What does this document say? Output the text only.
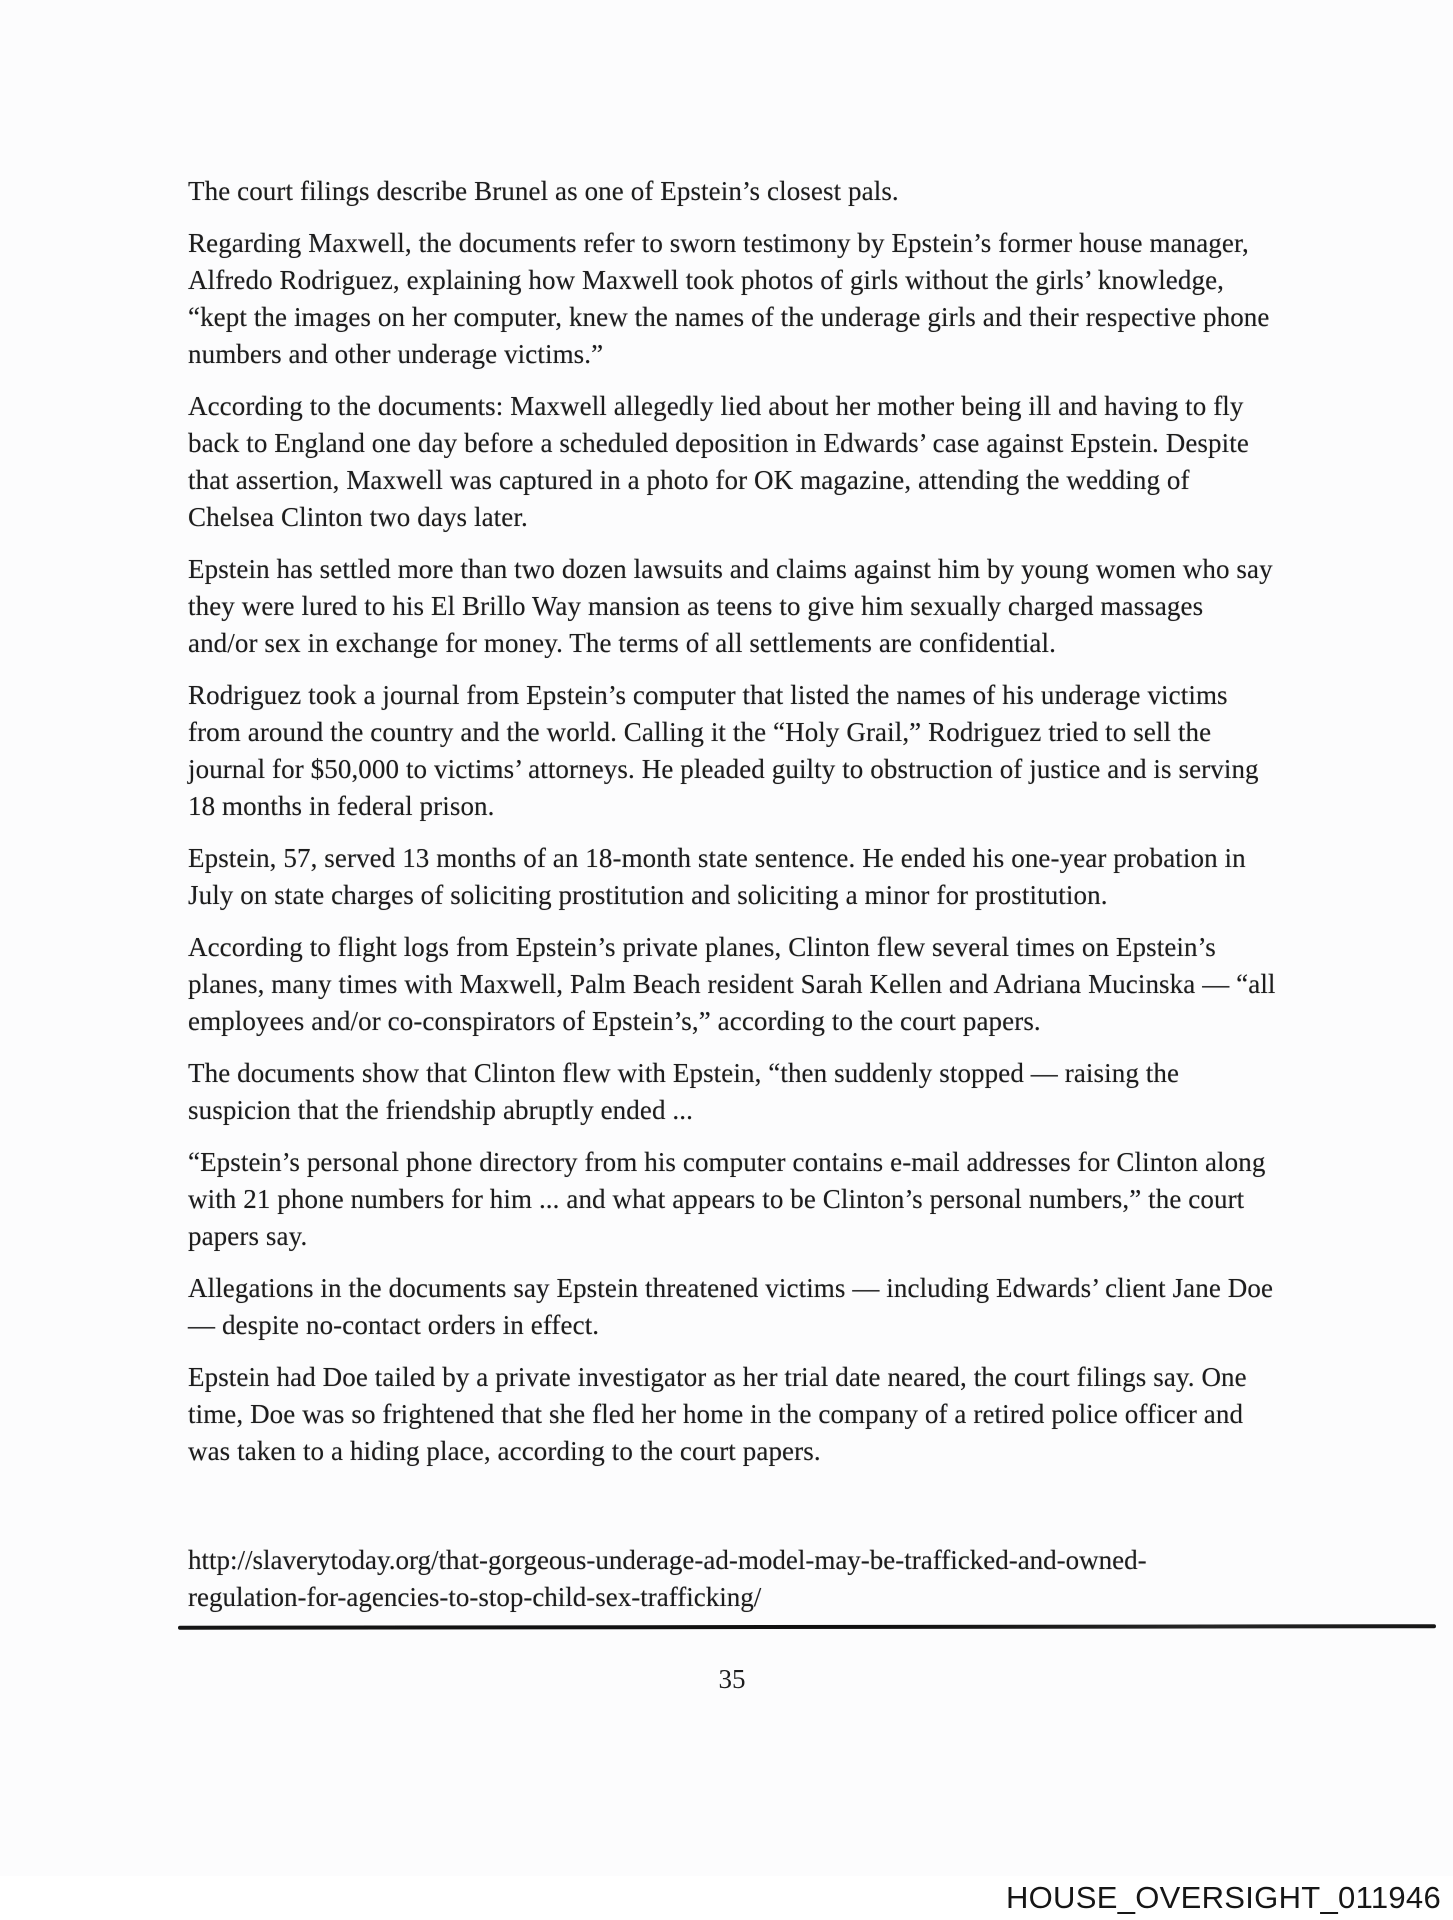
The court filings describe Brunel as one of Epstein’s closest pals.

Regarding Maxwell, the documents refer to sworn testimony by Epstein’s former house manager, Alfredo Rodriguez, explaining how Maxwell took photos of girls without the girls’ knowledge, “kept the images on her computer, knew the names of the underage girls and their respective phone numbers and other underage victims.”

According to the documents: Maxwell allegedly lied about her mother being ill and having to fly back to England one day before a scheduled deposition in Edwards’ case against Epstein. Despite that assertion, Maxwell was captured in a photo for OK magazine, attending the wedding of Chelsea Clinton two days later.

Epstein has settled more than two dozen lawsuits and claims against him by young women who say they were lured to his El Brillo Way mansion as teens to give him sexually charged massages and/or sex in exchange for money. The terms of all settlements are confidential.

Rodriguez took a journal from Epstein’s computer that listed the names of his underage victims from around the country and the world. Calling it the “Holy Grail,” Rodriguez tried to sell the journal for $50,000 to victims’ attorneys. He pleaded guilty to obstruction of justice and is serving 18 months in federal prison.

Epstein, 57, served 13 months of an 18-month state sentence. He ended his one-year probation in July on state charges of soliciting prostitution and soliciting a minor for prostitution.

According to flight logs from Epstein’s private planes, Clinton flew several times on Epstein’s planes, many times with Maxwell, Palm Beach resident Sarah Kellen and Adriana Mucinska — “all employees and/or co-conspirators of Epstein’s,” according to the court papers.

The documents show that Clinton flew with Epstein, “then suddenly stopped — raising the suspicion that the friendship abruptly ended ...

“Epstein’s personal phone directory from his computer contains e-mail addresses for Clinton along with 21 phone numbers for him ... and what appears to be Clinton’s personal numbers,” the court papers say.

Allegations in the documents say Epstein threatened victims — including Edwards’ client Jane Doe — despite no-contact orders in effect.

Epstein had Doe tailed by a private investigator as her trial date neared, the court filings say. One time, Doe was so frightened that she fled her home in the company of a retired police officer and was taken to a hiding place, according to the court papers.

http://slaverytoday.org/that-gorgeous-underage-ad-model-may-be-trafficked-and-owned-
regulation-for-agencies-to-stop-child-sex-trafficking/
35
HOUSE_OVERSIGHT_011946
